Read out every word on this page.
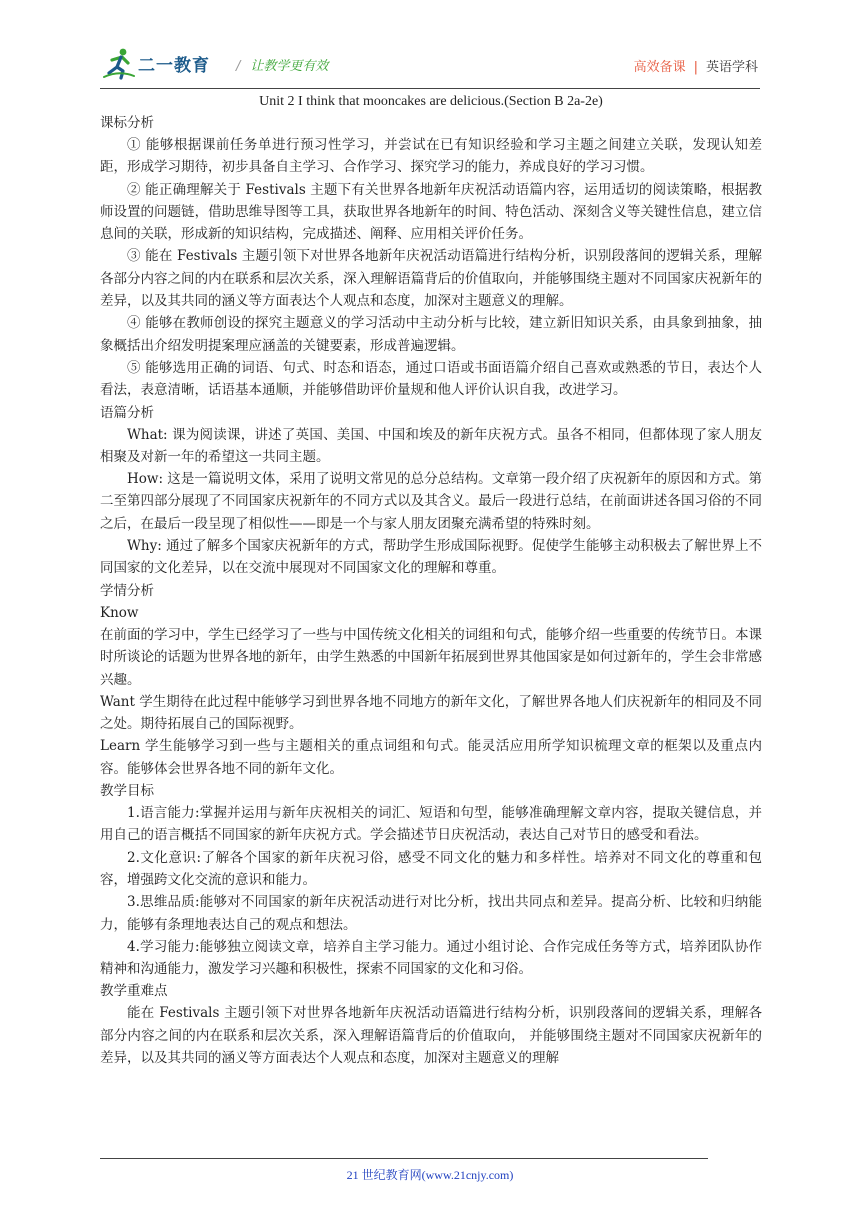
二一教育 / 让教学更有效	高效备课 | 英语学科
Unit 2 I think that mooncakes are delicious.(Section B 2a-2e)
课标分析

① 能够根据课前任务单进行预习性学习，并尝试在已有知识经验和学习主题之间建立关联，发现认知差距，形成学习期待，初步具备自主学习、合作学习、探究学习的能力，养成良好的学习习惯。

② 能正确理解关于 Festivals 主题下有关世界各地新年庆祝活动语篇内容，运用适切的阅读策略，根据教师设置的问题链，借助思维导图等工具，获取世界各地新年的时间、特色活动、深刻含义等关键性信息，建立信息间的关联，形成新的知识结构，完成描述、阐释、应用相关评价任务。

③ 能在 Festivals 主题引领下对世界各地新年庆祝活动语篇进行结构分析，识别段落间的逻辑关系，理解各部分内容之间的内在联系和层次关系，深入理解语篇背后的价值取向，并能够围绕主题对不同国家庆祝新年的差异，以及其共同的涵义等方面表达个人观点和态度，加深对主题意义的理解。

④ 能够在教师创设的探究主题意义的学习活动中主动分析与比较，建立新旧知识关系，由具象到抽象，抽象概括出介绍发明提案理应涵盖的关键要素，形成普遍逻辑。

⑤ 能够选用正确的词语、句式、时态和语态，通过口语或书面语篇介绍自己喜欢或熟悉的节日，表达个人看法，表意清晰，话语基本通顺，并能够借助评价量规和他人评价认识自我，改进学习。

语篇分析

What: 课为阅读课，讲述了英国、美国、中国和埃及的新年庆祝方式。虽各不相同，但都体现了家人朋友相聚及对新一年的希望这一共同主题。

How: 这是一篇说明文体，采用了说明文常见的总分总结构。文章第一段介绍了庆祝新年的原因和方式。第二至第四部分展现了不同国家庆祝新年的不同方式以及其含义。最后一段进行总结，在前面讲述各国习俗的不同之后，在最后一段呈现了相似性——即是一个与家人朋友团聚充满希望的特殊时刻。

Why: 通过了解多个国家庆祝新年的方式，帮助学生形成国际视野。促使学生能够主动积极去了解世界上不同国家的文化差异，以在交流中展现对不同国家文化的理解和尊重。

学情分析

Know

在前面的学习中，学生已经学习了一些与中国传统文化相关的词组和句式，能够介绍一些重要的传统节日。本课时所谈论的话题为世界各地的新年，由学生熟悉的中国新年拓展到世界其他国家是如何过新年的，学生会非常感兴趣。

Want 学生期待在此过程中能够学习到世界各地不同地方的新年文化，了解世界各地人们庆祝新年的相同及不同之处。期待拓展自己的国际视野。

Learn 学生能够学习到一些与主题相关的重点词组和句式。能灵活应用所学知识梳理文章的框架以及重点内容。能够体会世界各地不同的新年文化。

教学目标

1.语言能力:掌握并运用与新年庆祝相关的词汇、短语和句型，能够准确理解文章内容，提取关键信息，并用自己的语言概括不同国家的新年庆祝方式。学会描述节日庆祝活动，表达自己对节日的感受和看法。

2.文化意识:了解各个国家的新年庆祝习俗，感受不同文化的魅力和多样性。培养对不同文化的尊重和包容，增强跨文化交流的意识和能力。

3.思维品质:能够对不同国家的新年庆祝活动进行对比分析，找出共同点和差异。提高分析、比较和归纳能力，能够有条理地表达自己的观点和想法。

4.学习能力:能够独立阅读文章，培养自主学习能力。通过小组讨论、合作完成任务等方式，培养团队协作精神和沟通能力，激发学习兴趣和积极性，探索不同国家的文化和习俗。

教学重难点

能在 Festivals 主题引领下对世界各地新年庆祝活动语篇进行结构分析，识别段落间的逻辑关系，理解各部分内容之间的内在联系和层次关系，深入理解语篇背后的价值取向， 并能够围绕主题对不同国家庆祝新年的差异，以及其共同的涵义等方面表达个人观点和态度，加深对主题意义的理解

21 世纪教育网(www.21cnjy.com)
